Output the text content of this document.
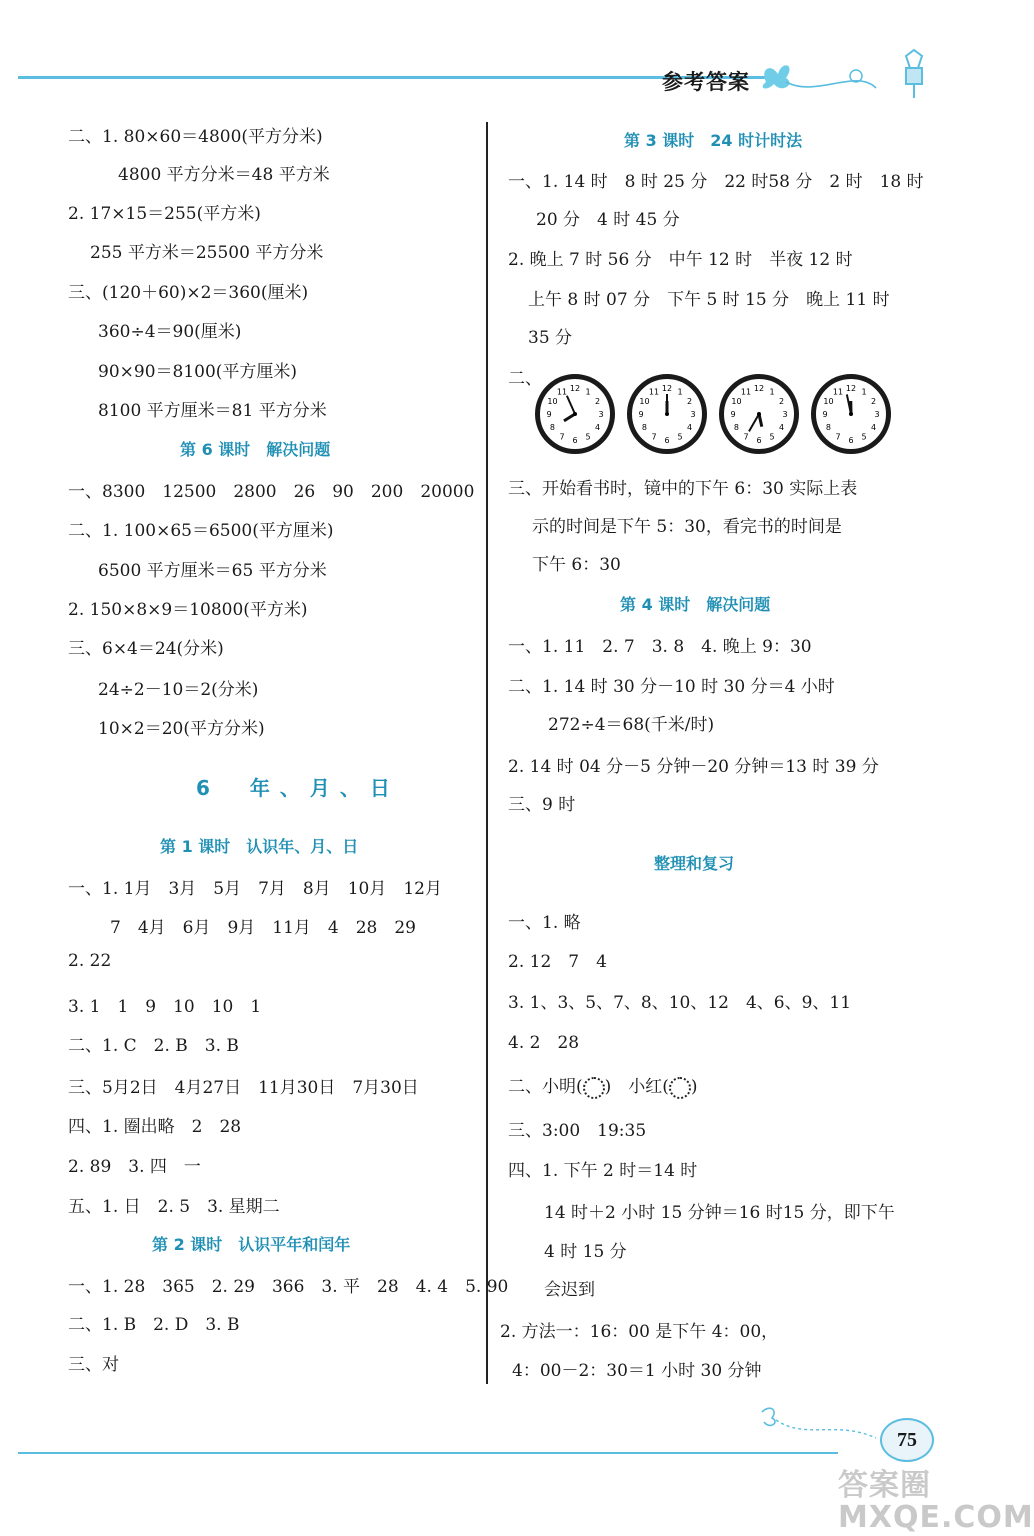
参考答案
二、1. 80×60＝4800(平方分米)
4800 平方分米＝48 平方米
2. 17×15＝255(平方米)
255 平方米＝25500 平方分米
三、(120＋60)×2＝360(厘米)
360÷4＝90(厘米)
90×90＝8100(平方厘米)
8100 平方厘米＝81 平方分米
第 6 课时　解决问题
一、8300　12500　2800　26　90　200　20000
二、1. 100×65＝6500(平方厘米)
6500 平方厘米＝65 平方分米
2. 150×8×9＝10800(平方米)
三、6×4＝24(分米)
24÷2－10＝2(分米)
10×2＝20(平方分米)
6　年、月、日
第 1 课时　认识年、月、日
一、1. 1月　3月　5月　7月　8月　10月　12月
7　4月　6月　9月　11月　4　28　29
2. 22
3. 1　1　9　10　10　1
二、1. C　2. B　3. B
三、5月2日　4月27日　11月30日　7月30日
四、1. 圈出略　2　28
2. 89　3. 四　一
五、1. 日　2. 5　3. 星期二
第 2 课时　认识平年和闰年
一、1. 28　365　2. 29　366　3. 平　28　4. 4　5. 90
二、1. B　2. D　3. B
三、对
第 3 课时　24 时计时法
一、1. 14 时　8 时 25 分　22 时58 分　2 时　18 时
20 分　4 时 45 分
2. 晚上 7 时 56 分　中午 12 时　半夜 12 时
上午 8 时 07 分　下午 5 时 15 分　晚上 11 时
35 分
二、
三、开始看书时，镜中的下午 6：30 实际上表
示的时间是下午 5：30，看完书的时间是
下午 6：30
第 4 课时　解决问题
一、1. 11　2. 7　3. 8　4. 晚上 9：30
二、1. 14 时 30 分－10 时 30 分＝4 小时
272÷4＝68(千米/时)
2. 14 时 04 分－5 分钟－20 分钟＝13 时 39 分
三、9 时
整理和复习
一、1. 略
2. 12　7　4
3. 1、3、5、7、8、10、12　4、6、9、11
4. 2　28
二、小明( )　小红( )
三、3:00　19:35
四、1. 下午 2 时＝14 时
14 时＋2 小时 15 分钟＝16 时15 分，即下午
4 时 15 分
会迟到
2. 方法一：16：00 是下午 4：00，
4：00－2：30＝1 小时 30 分钟
1
2
3
4
5
6
7
8
9
10
11 12	1
2
3
4
5
6
7
8
9
10
11 12	1
2
3
4
5
6
7
8
9
10
11 12	1
2
3
4
5
6
7
8
9
10
11 12
75
答案圈
MXQE.COM
